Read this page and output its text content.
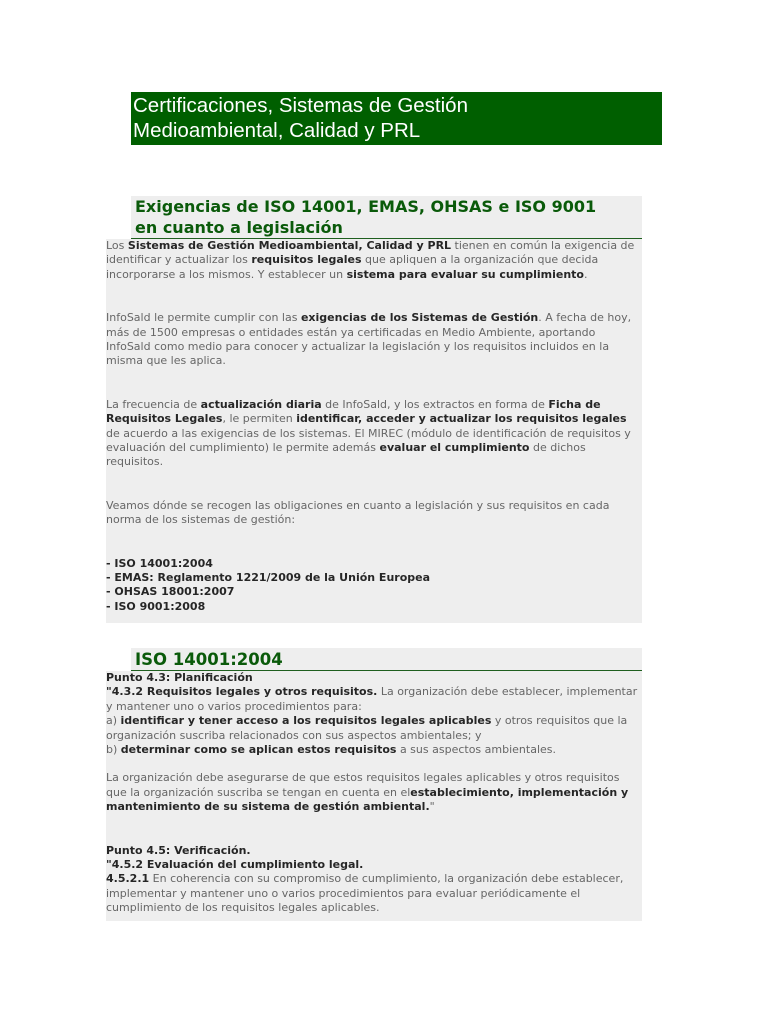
Certificaciones, Sistemas de Gestión
Medioambiental, Calidad y PRL
Exigencias de ISO 14001, EMAS, OHSAS e ISO 9001
en cuanto a legislación

Los Sistemas de Gestión Medioambiental, Calidad y PRL tienen en común la exigencia de identificar y actualizar los requisitos legales que apliquen a la organización que decida incorporarse a los mismos. Y establecer un sistema para evaluar su cumplimiento.

InfoSald le permite cumplir con las exigencias de los Sistemas de Gestión. A fecha de hoy, más de 1500 empresas o entidades están ya certificadas en Medio Ambiente, aportando InfoSald como medio para conocer y actualizar la legislación y los requisitos incluidos en la misma que les aplica.

La frecuencia de actualización diaria de InfoSald, y los extractos en forma de Ficha de Requisitos Legales, le permiten identificar, acceder y actualizar los requisitos legales de acuerdo a las exigencias de los sistemas. El MIREC (módulo de identificación de requisitos y evaluación del cumplimiento) le permite además evaluar el cumplimiento de dichos requisitos.

Veamos dónde se recogen las obligaciones en cuanto a legislación y sus requisitos en cada norma de los sistemas de gestión:

- ISO 14001:2004
- EMAS: Reglamento 1221/2009 de la Unión Europea
- OHSAS 18001:2007
- ISO 9001:2008
ISO 14001:2004

Punto 4.3: Planificación

"4.3.2 Requisitos legales y otros requisitos. La organización debe establecer, implementar y mantener uno o varios procedimientos para:

a) identificar y tener acceso a los requisitos legales aplicables y otros requisitos que la organización suscriba relacionados con sus aspectos ambientales; y

b) determinar como se aplican estos requisitos a sus aspectos ambientales.

La organización debe asegurarse de que estos requisitos legales aplicables y otros requisitos que la organización suscriba se tengan en cuenta en elestablecimiento, implementación y mantenimiento de su sistema de gestión ambiental."

Punto 4.5: Verificación.

"4.5.2 Evaluación del cumplimiento legal.

4.5.2.1 En coherencia con su compromiso de cumplimiento, la organización debe establecer, implementar y mantener uno o varios procedimientos para evaluar periódicamente el cumplimiento de los requisitos legales aplicables.
